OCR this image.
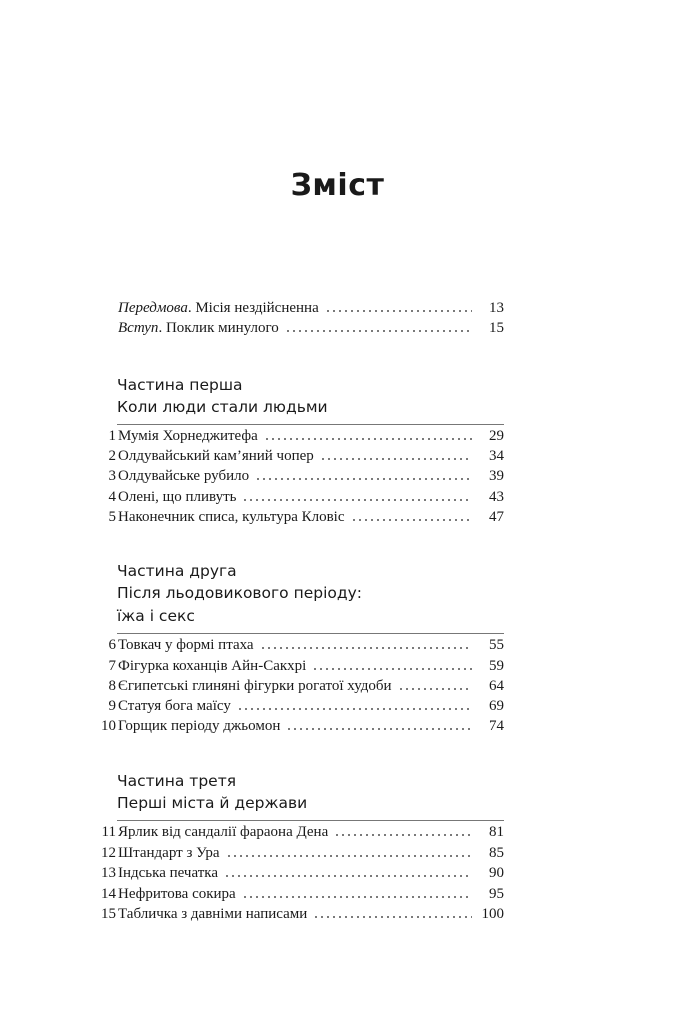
Зміст
Передмова. Місія нездійсненна	13
Вступ. Поклик минулого	15
Частина перша
Коли люди стали людьми
1 Мумія Хорнеджитефа	29
2 Олдувайський кам’яний чопер	34
3 Олдувайське рубило	39
4 Олені, що пливуть	43
5 Наконечник списа, культура Кловіс	47
Частина друга
Після льодовикового періоду:
їжа і секс
6 Товкач у формі птаха	55
7 Фігурка коханців Айн-Сакхрі	59
8 Єгипетські глиняні фігурки рогатої худоби	64
9 Статуя бога маїсу	69
10 Горщик періоду джьомон	74
Частина третя
Перші міста й держави
11 Ярлик від сандалії фараона Дена	81
12 Штандарт з Ура	85
13 Індська печатка	90
14 Нефритова сокира	95
15 Табличка з давніми написами	100
